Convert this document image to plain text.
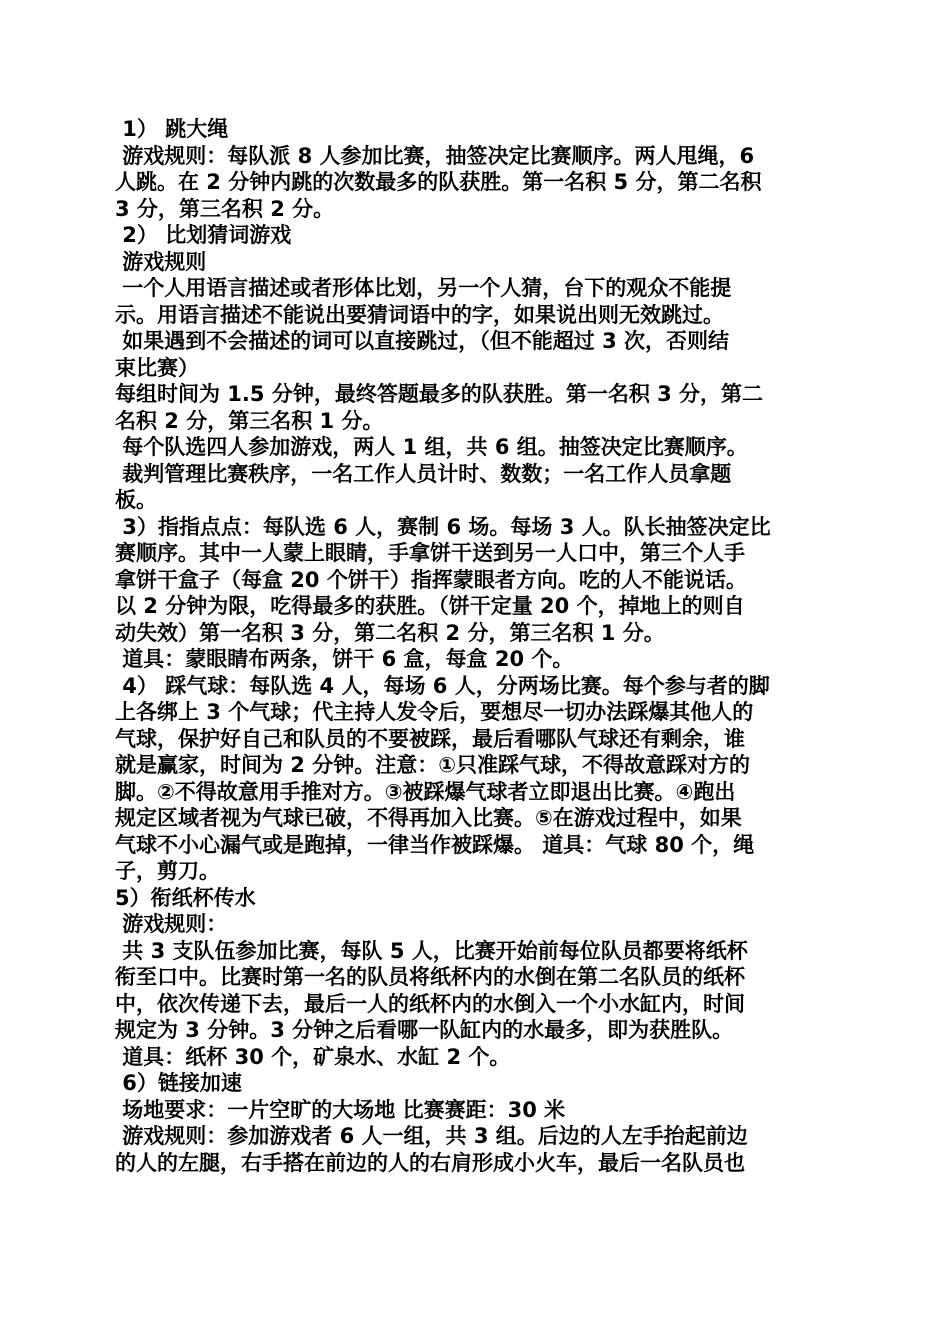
1） 跳大绳
游戏规则：每队派 8 人参加比赛，抽签决定比赛顺序。两人甩绳，6
人跳。在 2 分钟内跳的次数最多的队获胜。第一名积 5 分，第二名积
3 分，第三名积 2 分。
2） 比划猜词游戏
游戏规则
一个人用语言描述或者形体比划，另一个人猜，台下的观众不能提
示。用语言描述不能说出要猜词语中的字，如果说出则无效跳过。
如果遇到不会描述的词可以直接跳过，（但不能超过 3 次，否则结
束比赛）
每组时间为 1.5 分钟，最终答题最多的队获胜。第一名积 3 分，第二
名积 2 分，第三名积 1 分。
每个队选四人参加游戏，两人 1 组，共 6 组。抽签决定比赛顺序。
裁判管理比赛秩序，一名工作人员计时、数数；一名工作人员拿题
板。
3）指指点点：每队选 6 人，赛制 6 场。每场 3 人。队长抽签决定比
赛顺序。其中一人蒙上眼睛，手拿饼干送到另一人口中，第三个人手
拿饼干盒子（每盒 20 个饼干）指挥蒙眼者方向。吃的人不能说话。
以 2 分钟为限，吃得最多的获胜。（饼干定量 20 个，掉地上的则自
动失效）第一名积 3 分，第二名积 2 分，第三名积 1 分。
道具：蒙眼睛布两条，饼干 6 盒，每盒 20 个。
4） 踩气球：每队选 4 人，每场 6 人，分两场比赛。每个参与者的脚
上各绑上 3 个气球；代主持人发令后，要想尽一切办法踩爆其他人的
气球，保护好自己和队员的不要被踩，最后看哪队气球还有剩余，谁
就是赢家，时间为 2 分钟。注意：①只准踩气球，不得故意踩对方的
脚。②不得故意用手推对方。③被踩爆气球者立即退出比赛。④跑出
规定区域者视为气球已破，不得再加入比赛。⑤在游戏过程中，如果
气球不小心漏气或是跑掉，一律当作被踩爆。 道具：气球 80 个，绳
子，剪刀。
5）衔纸杯传水
游戏规则：
共 3 支队伍参加比赛，每队 5 人，比赛开始前每位队员都要将纸杯
衔至口中。比赛时第一名的队员将纸杯内的水倒在第二名队员的纸杯
中，依次传递下去，最后一人的纸杯内的水倒入一个小水缸内，时间
规定为 3 分钟。3 分钟之后看哪一队缸内的水最多，即为获胜队。
道具：纸杯 30 个，矿泉水、水缸 2 个。
6）链接加速
场地要求：一片空旷的大场地 比赛赛距：30 米
游戏规则：参加游戏者 6 人一组，共 3 组。后边的人左手抬起前边
的人的左腿，右手搭在前边的人的右肩形成小火车，最后一名队员也
